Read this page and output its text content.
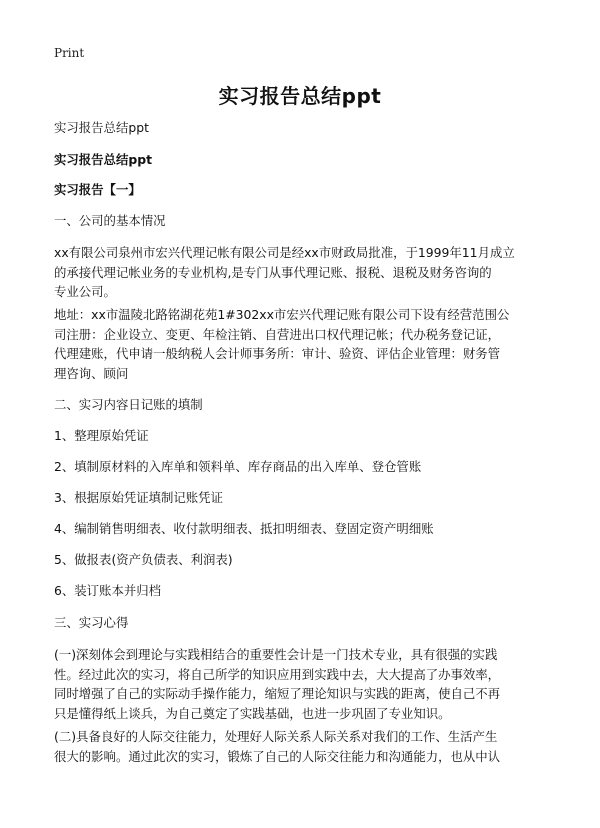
Print
实习报告总结ppt
实习报告总结ppt
实习报告总结ppt
实习报告【一】
一、公司的基本情况
xx有限公司泉州市宏兴代理记帐有限公司是经xx市财政局批准，于1999年11月成立
的承接代理记帐业务的专业机构,是专门从事代理记账、报税、退税及财务咨询的
专业公司。
地址：xx市温陵北路铭湖花苑1#302xx市宏兴代理记账有限公司下设有经营范围公
司注册：企业设立、变更、年检注销、自营进出口权代理记帐；代办税务登记证，
代理建账，代申请一般纳税人会计师事务所：审计、验资、评估企业管理：财务管
理咨询、顾问
二、实习内容日记账的填制
1、整理原始凭证
2、填制原材料的入库单和领料单、库存商品的出入库单、登仓管账
3、根据原始凭证填制记账凭证
4、编制销售明细表、收付款明细表、抵扣明细表、登固定资产明细账
5、做报表(资产负债表、利润表)
6、装订账本并归档
三、实习心得
(一)深刻体会到理论与实践相结合的重要性会计是一门技术专业，具有很强的实践
性。经过此次的实习，将自己所学的知识应用到实践中去，大大提高了办事效率，
同时增强了自己的实际动手操作能力，缩短了理论知识与实践的距离，使自己不再
只是懂得纸上谈兵，为自己奠定了实践基础，也进一步巩固了专业知识。
(二)具备良好的人际交往能力，处理好人际关系人际关系对我们的工作、生活产生
很大的影响。通过此次的实习，锻炼了自己的人际交往能力和沟通能力，也从中认
